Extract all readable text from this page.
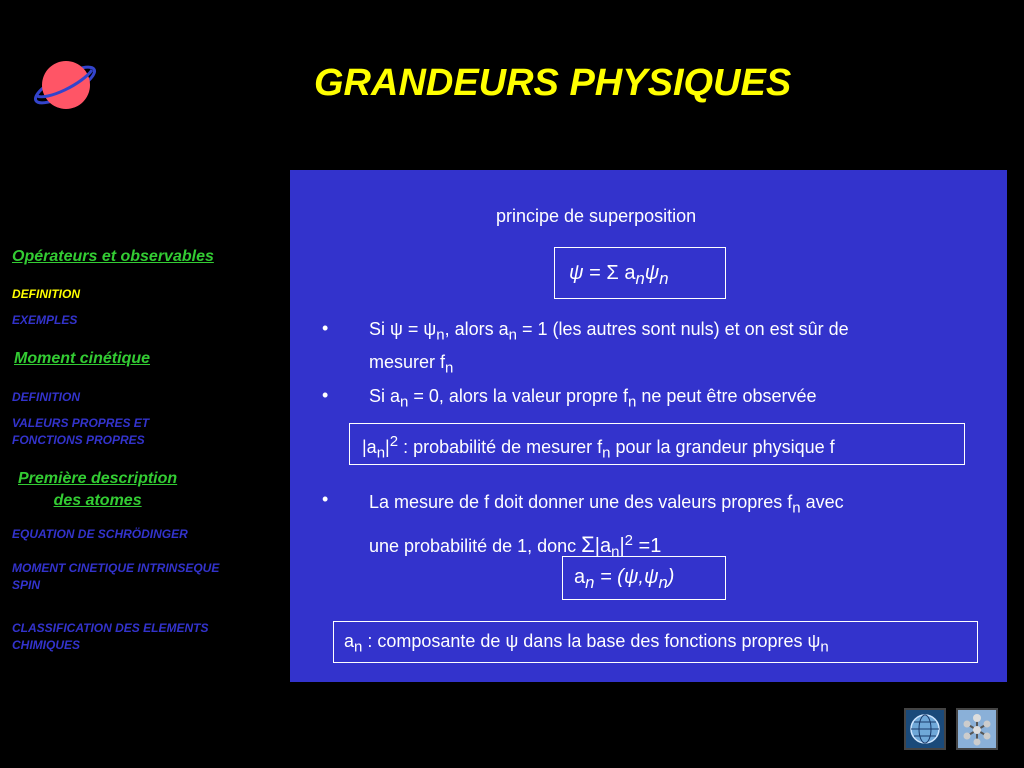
GRANDEURS PHYSIQUES
Opérateurs et observables
DEFINITION
EXEMPLES
Moment cinétique
DEFINITION
VALEURS PROPRES ET
FONCTIONS PROPRES
Première description
des atomes
EQUATION DE SCHRÖDINGER
MOMENT CINETIQUE INTRINSEQUE
SPIN
CLASSIFICATION DES ELEMENTS
CHIMIQUES
principe de superposition
ψ = Σ $a_n\psi_n$
• Si $\psi = \psi_n$, alors $a_n = 1$ (les autres sont nuls) et on est sûr de
mesurer $f_n$
• Si $a_n = 0$, alors la valeur propre $f_n$ ne peut être observée
$|a_n|^2$ : probabilité de mesurer $f_n$ pour la grandeur physique f
• La mesure de f doit donner une des valeurs propres $f_n$ avec
une probabilité de 1, donc $\Sigma|a_n|^2 =1$
$a_n = (\psi,\psi_n)$
$a_n$ : composante de ψ dans la base des fonctions propres $\psi_n$
